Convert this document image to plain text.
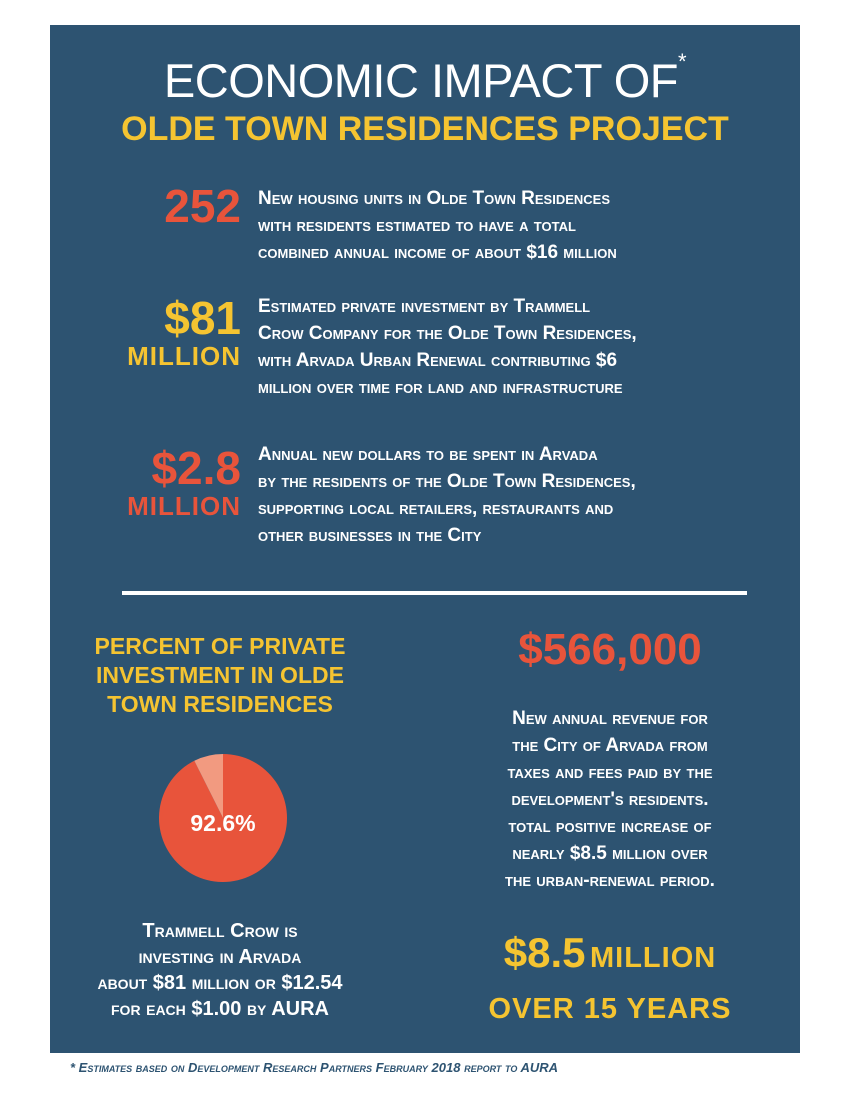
ECONOMIC IMPACT OF*
OLDE TOWN RESIDENCES PROJECT
252 New housing units in Olde Town Residences
with residents estimated to have a total
combined annual income of about $16 million
$81
MILLION
Estimated private investment by Trammell
Crow Company for the Olde Town Residences,
with Arvada Urban Renewal contributing $6
million over time for land and infrastructure
$2.8
MILLION
Annual new dollars to be spent in Arvada
by the residents of the Olde Town Residences,
supporting local retailers, restaurants and
other businesses in the City
PERCENT OF PRIVATE
INVESTMENT IN OLDE
TOWN RESIDENCES
92.6%
Trammell Crow is
investing in Arvada
about $81 million or $12.54
for each $1.00 by AURA
$566,000
New annual revenue for
the City of Arvada from
taxes and fees paid by the
development's residents.
total positive increase of
nearly $8.5 million over
the urban-renewal period.
$8.5 MILLION
OVER 15 YEARS
* Estimates based on Development Research Partners February 2018 report to AURA
